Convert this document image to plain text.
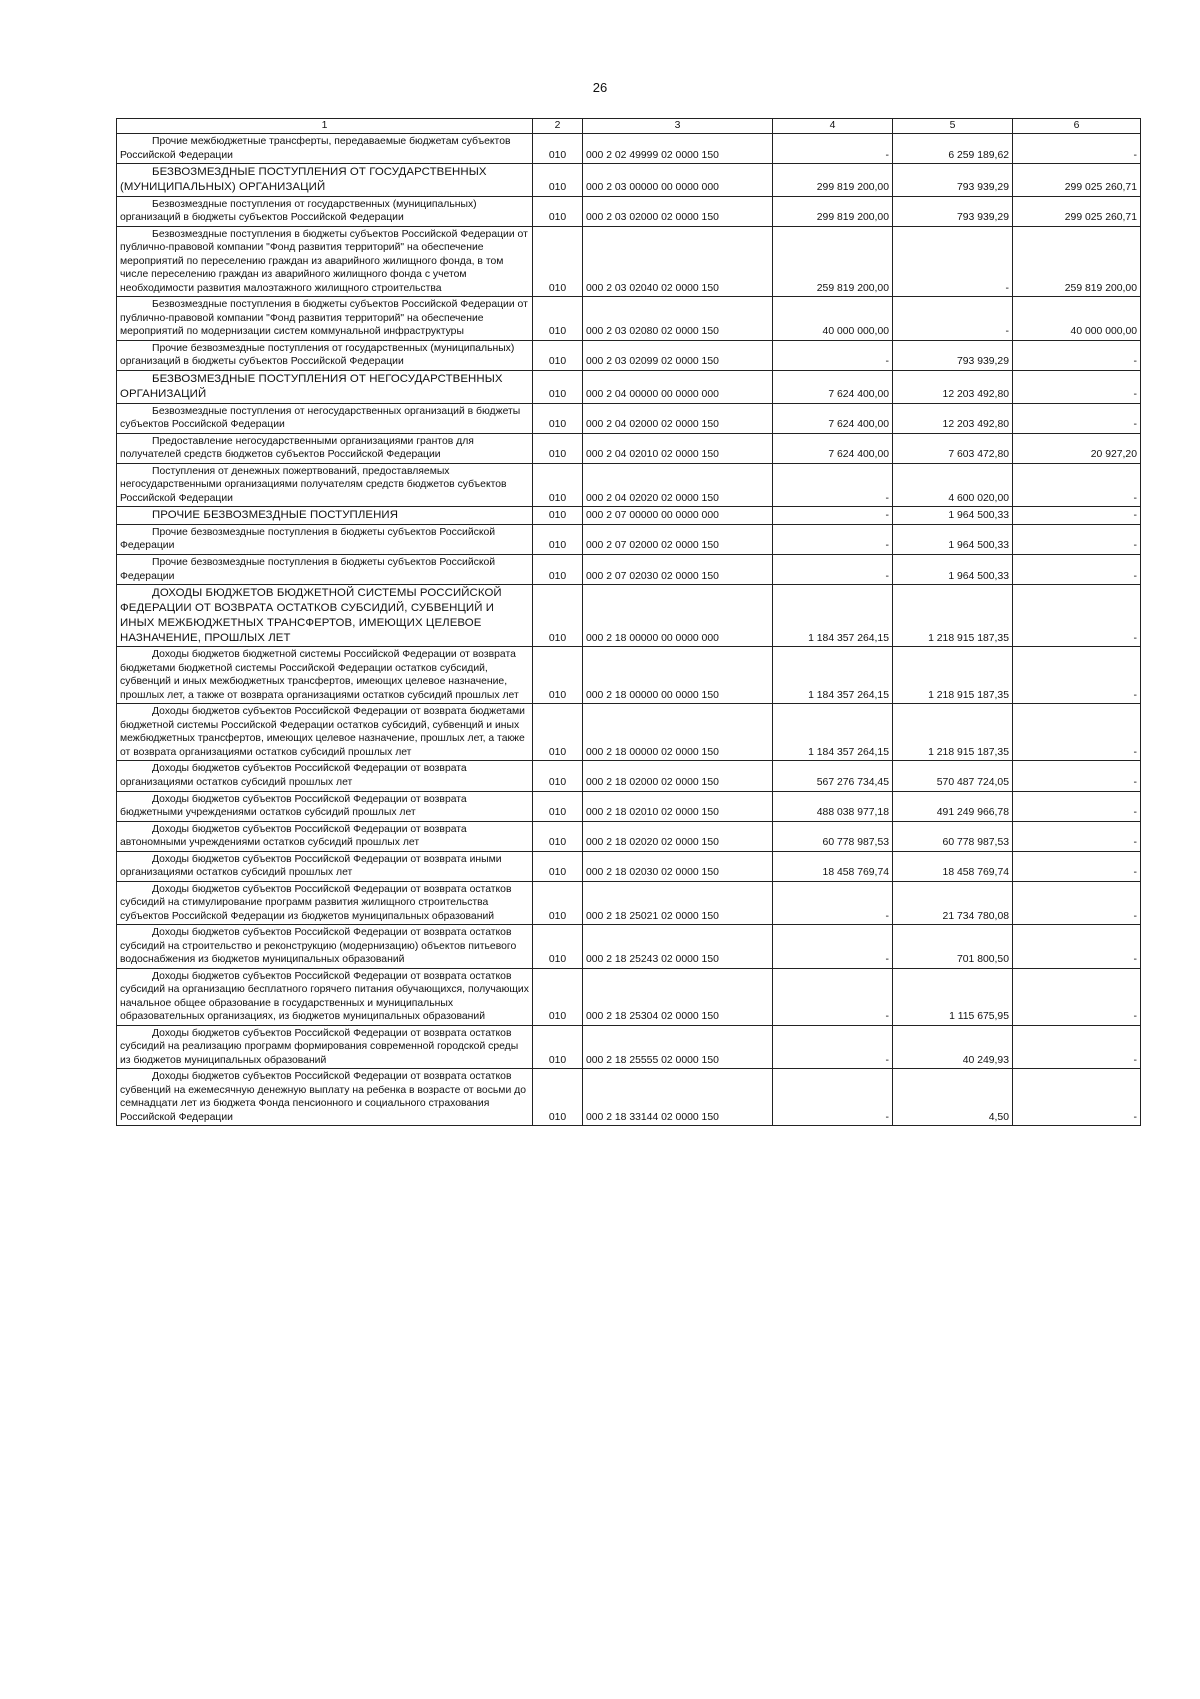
26
1	2	3	4	5	6

Прочие межбюджетные трансферты, передаваемые бюджетам субъектов Российской Федерации	010	000 2 02 49999 02 0000 150	-	6 259 189,62	-

БЕЗВОЗМЕЗДНЫЕ ПОСТУПЛЕНИЯ ОТ ГОСУДАРСТВЕННЫХ (МУНИЦИПАЛЬНЫХ) ОРГАНИЗАЦИЙ	010	000 2 03 00000 00 0000 000	299 819 200,00	793 939,29	299 025 260,71

Безвозмездные поступления от государственных (муниципальных) организаций в бюджеты субъектов Российской Федерации	010	000 2 03 02000 02 0000 150	299 819 200,00	793 939,29	299 025 260,71

Безвозмездные поступления в бюджеты субъектов Российской Федерации от публично-правовой компании "Фонд развития территорий" на обеспечение мероприятий по переселению граждан из аварийного жилищного фонда, в том числе переселению граждан из аварийного жилищного фонда с учетом необходимости развития малоэтажного жилищного строительства	010	000 2 03 02040 02 0000 150	259 819 200,00	-	259 819 200,00

Безвозмездные поступления в бюджеты субъектов Российской Федерации от публично-правовой компании "Фонд развития территорий" на обеспечение мероприятий по модернизации систем коммунальной инфраструктуры	010	000 2 03 02080 02 0000 150	40 000 000,00	-	40 000 000,00

Прочие безвозмездные поступления от государственных (муниципальных) организаций в бюджеты субъектов Российской Федерации	010	000 2 03 02099 02 0000 150	-	793 939,29	-

БЕЗВОЗМЕЗДНЫЕ ПОСТУПЛЕНИЯ ОТ НЕГОСУДАРСТВЕННЫХ ОРГАНИЗАЦИЙ	010	000 2 04 00000 00 0000 000	7 624 400,00	12 203 492,80	-

Безвозмездные поступления от негосударственных организаций в бюджеты субъектов Российской Федерации	010	000 2 04 02000 02 0000 150	7 624 400,00	12 203 492,80	-

Предоставление негосударственными организациями грантов для получателей средств бюджетов субъектов Российской Федерации	010	000 2 04 02010 02 0000 150	7 624 400,00	7 603 472,80	20 927,20

Поступления от денежных пожертвований, предоставляемых негосударственными организациями получателям средств бюджетов субъектов Российской Федерации	010	000 2 04 02020 02 0000 150	-	4 600 020,00	-

ПРОЧИЕ БЕЗВОЗМЕЗДНЫЕ ПОСТУПЛЕНИЯ	010	000 2 07 00000 00 0000 000	-	1 964 500,33	-

Прочие безвозмездные поступления в бюджеты субъектов Российской Федерации	010	000 2 07 02000 02 0000 150	-	1 964 500,33	-

Прочие безвозмездные поступления в бюджеты субъектов Российской Федерации	010	000 2 07 02030 02 0000 150	-	1 964 500,33	-

ДОХОДЫ БЮДЖЕТОВ БЮДЖЕТНОЙ СИСТЕМЫ РОССИЙСКОЙ ФЕДЕРАЦИИ ОТ ВОЗВРАТА ОСТАТКОВ СУБСИДИЙ, СУБВЕНЦИЙ И ИНЫХ МЕЖБЮДЖЕТНЫХ ТРАНСФЕРТОВ, ИМЕЮЩИХ ЦЕЛЕВОЕ НАЗНАЧЕНИЕ, ПРОШЛЫХ ЛЕТ	010	000 2 18 00000 00 0000 000	1 184 357 264,15	1 218 915 187,35	-

Доходы бюджетов бюджетной системы Российской Федерации от возврата бюджетами бюджетной системы Российской Федерации остатков субсидий, субвенций и иных межбюджетных трансфертов, имеющих целевое назначение, прошлых лет, а также от возврата организациями остатков субсидий прошлых лет	010	000 2 18 00000 00 0000 150	1 184 357 264,15	1 218 915 187,35	-

Доходы бюджетов субъектов Российской Федерации от возврата бюджетами бюджетной системы Российской Федерации остатков субсидий, субвенций и иных межбюджетных трансфертов, имеющих целевое назначение, прошлых лет, а также от возврата организациями остатков субсидий прошлых лет	010	000 2 18 00000 02 0000 150	1 184 357 264,15	1 218 915 187,35	-

Доходы бюджетов субъектов Российской Федерации от возврата организациями остатков субсидий прошлых лет	010	000 2 18 02000 02 0000 150	567 276 734,45	570 487 724,05	-

Доходы бюджетов субъектов Российской Федерации от возврата бюджетными учреждениями остатков субсидий прошлых лет	010	000 2 18 02010 02 0000 150	488 038 977,18	491 249 966,78	-

Доходы бюджетов субъектов Российской Федерации от возврата автономными учреждениями остатков субсидий прошлых лет	010	000 2 18 02020 02 0000 150	60 778 987,53	60 778 987,53	-

Доходы бюджетов субъектов Российской Федерации от возврата иными организациями остатков субсидий прошлых лет	010	000 2 18 02030 02 0000 150	18 458 769,74	18 458 769,74	-

Доходы бюджетов субъектов Российской Федерации от возврата остатков субсидий на стимулирование программ развития жилищного строительства субъектов Российской Федерации из бюджетов муниципальных образований	010	000 2 18 25021 02 0000 150	-	21 734 780,08	-

Доходы бюджетов субъектов Российской Федерации от возврата остатков субсидий на строительство и реконструкцию (модернизацию) объектов питьевого водоснабжения из бюджетов муниципальных образований	010	000 2 18 25243 02 0000 150	-	701 800,50	-

Доходы бюджетов субъектов Российской Федерации от возврата остатков субсидий на организацию бесплатного горячего питания обучающихся, получающих начальное общее образование в государственных и муниципальных образовательных организациях, из бюджетов муниципальных образований	010	000 2 18 25304 02 0000 150	-	1 115 675,95	-

Доходы бюджетов субъектов Российской Федерации от возврата остатков субсидий на реализацию программ формирования современной городской среды из бюджетов муниципальных образований	010	000 2 18 25555 02 0000 150	-	40 249,93	-

Доходы бюджетов субъектов Российской Федерации от возврата остатков субвенций на ежемесячную денежную выплату на ребенка в возрасте от восьми до семнадцати лет из бюджета Фонда пенсионного и социального страхования Российской Федерации	010	000 2 18 33144 02 0000 150	-	4,50	-
